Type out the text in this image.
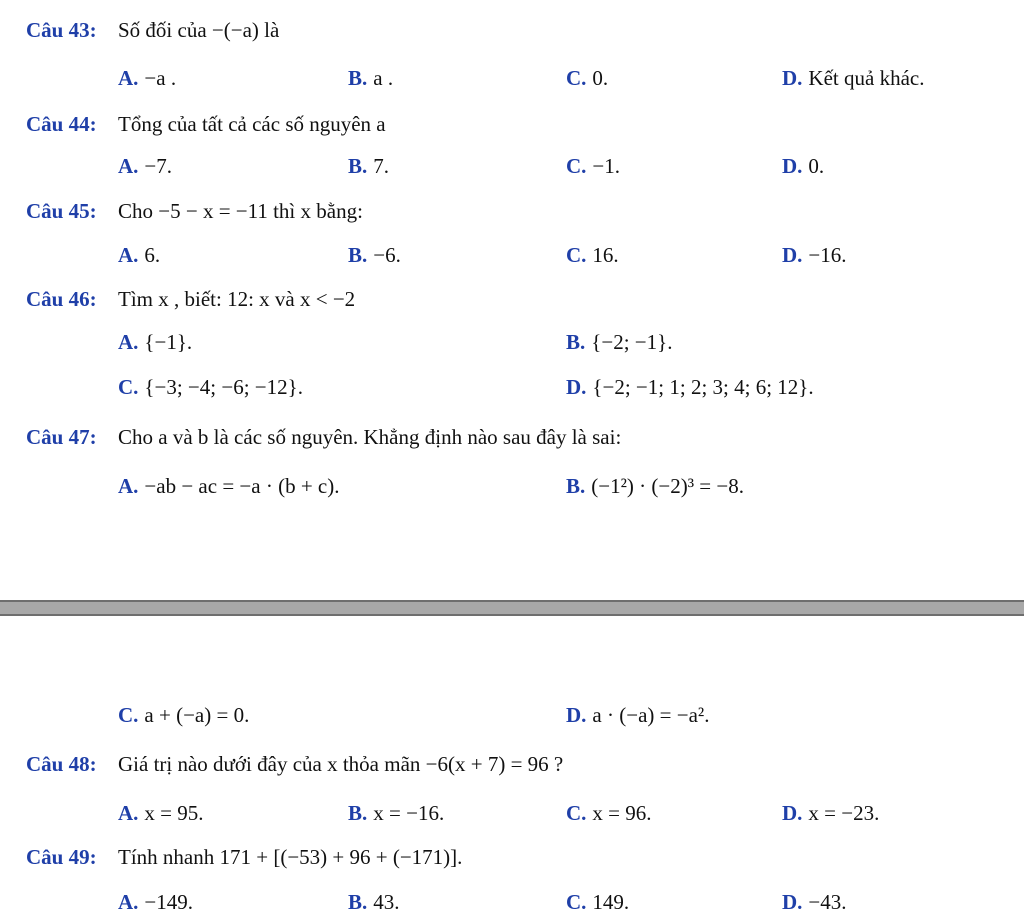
Câu 43: Số đối của −(−a) là
A. −a .	B. a .	C. 0.	D. Kết quả khác.
Câu 44: Tổng của tất cả các số nguyên a
A. −7.	B. 7.	C. −1.	D. 0.
Câu 45: Cho −5 − x = −11 thì x bằng:
A. 6.	B. −6.	C. 16.	D. −16.
Câu 46: Tìm x , biết: 12: x và x < −2
A. {−1}.	B. {−2; −1}.
C. {−3; −4; −6; −12}.	D. {−2; −1; 1; 2; 3; 4; 6; 12}.
Câu 47: Cho a và b là các số nguyên. Khẳng định nào sau đây là sai:
A. −ab − ac = −a · (b + c).	B. (−1²) · (−2)³ = −8.
C. a + (−a) = 0.	D. a · (−a) = −a².
Câu 48: Giá trị nào dưới đây của x thỏa mãn −6(x + 7) = 96 ?
A. x = 95.	B. x = −16.	C. x = 96.	D. x = −23.
Câu 49: Tính nhanh 171 + [(−53) + 96 + (−171)].
A. −149.	B. 43.	C. 149.	D. −43.
